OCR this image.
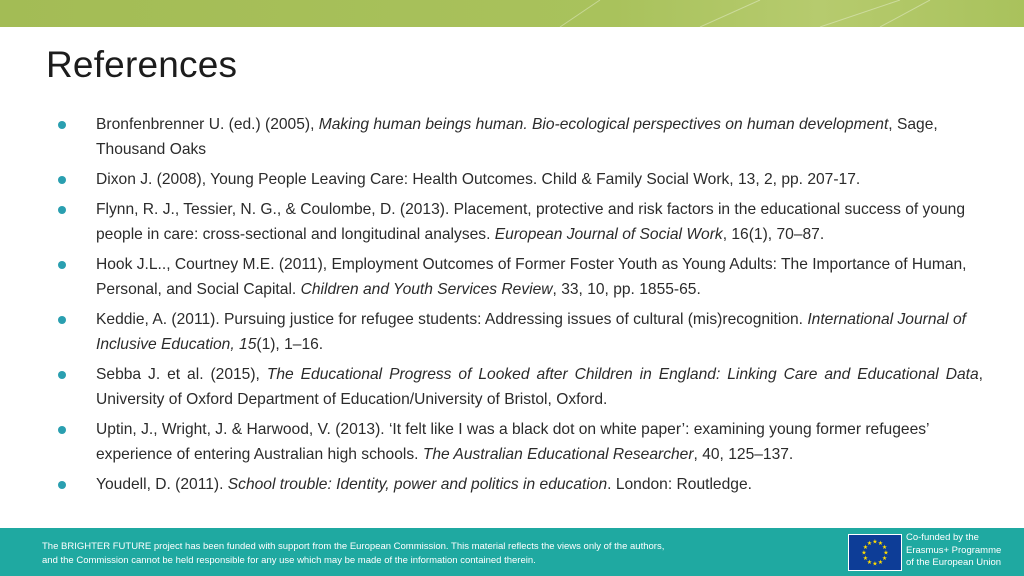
References
Bronfenbrenner U. (ed.) (2005), Making human beings human. Bio-ecological perspectives on human development, Sage, Thousand Oaks
Dixon J. (2008), Young People Leaving Care: Health Outcomes. Child & Family Social Work, 13, 2, pp. 207-17.
Flynn, R. J., Tessier, N. G., & Coulombe, D. (2013). Placement, protective and risk factors in the educational success of young people in care: cross-sectional and longitudinal analyses. European Journal of Social Work, 16(1), 70–87.
Hook J.L.., Courtney M.E. (2011), Employment Outcomes of Former Foster Youth as Young Adults: The Importance of Human, Personal, and Social Capital. Children and Youth Services Review, 33, 10, pp. 1855-65.
Keddie, A. (2011). Pursuing justice for refugee students: Addressing issues of cultural (mis)recognition. International Journal of Inclusive Education, 15(1), 1–16.
Sebba J. et al. (2015), The Educational Progress of Looked after Children in England: Linking Care and Educational Data, University of Oxford Department of Education/University of Bristol, Oxford.
Uptin, J., Wright, J. & Harwood, V. (2013). ‘It felt like I was a black dot on white paper’: examining young former refugees’ experience of entering Australian high schools. The Australian Educational Researcher, 40, 125–137.
Youdell, D. (2011). School trouble: Identity, power and politics in education. London: Routledge.
The BRIGHTER FUTURE project has been funded with support from the European Commission. This material reflects the views only of the authors,
and the Commission cannot be held responsible for any use which may be made of the information contained therein.
★ ★
★
★
★
★
★
★
★
★
★
★
Co-funded by the
Erasmus+ Programme
of the European Union
